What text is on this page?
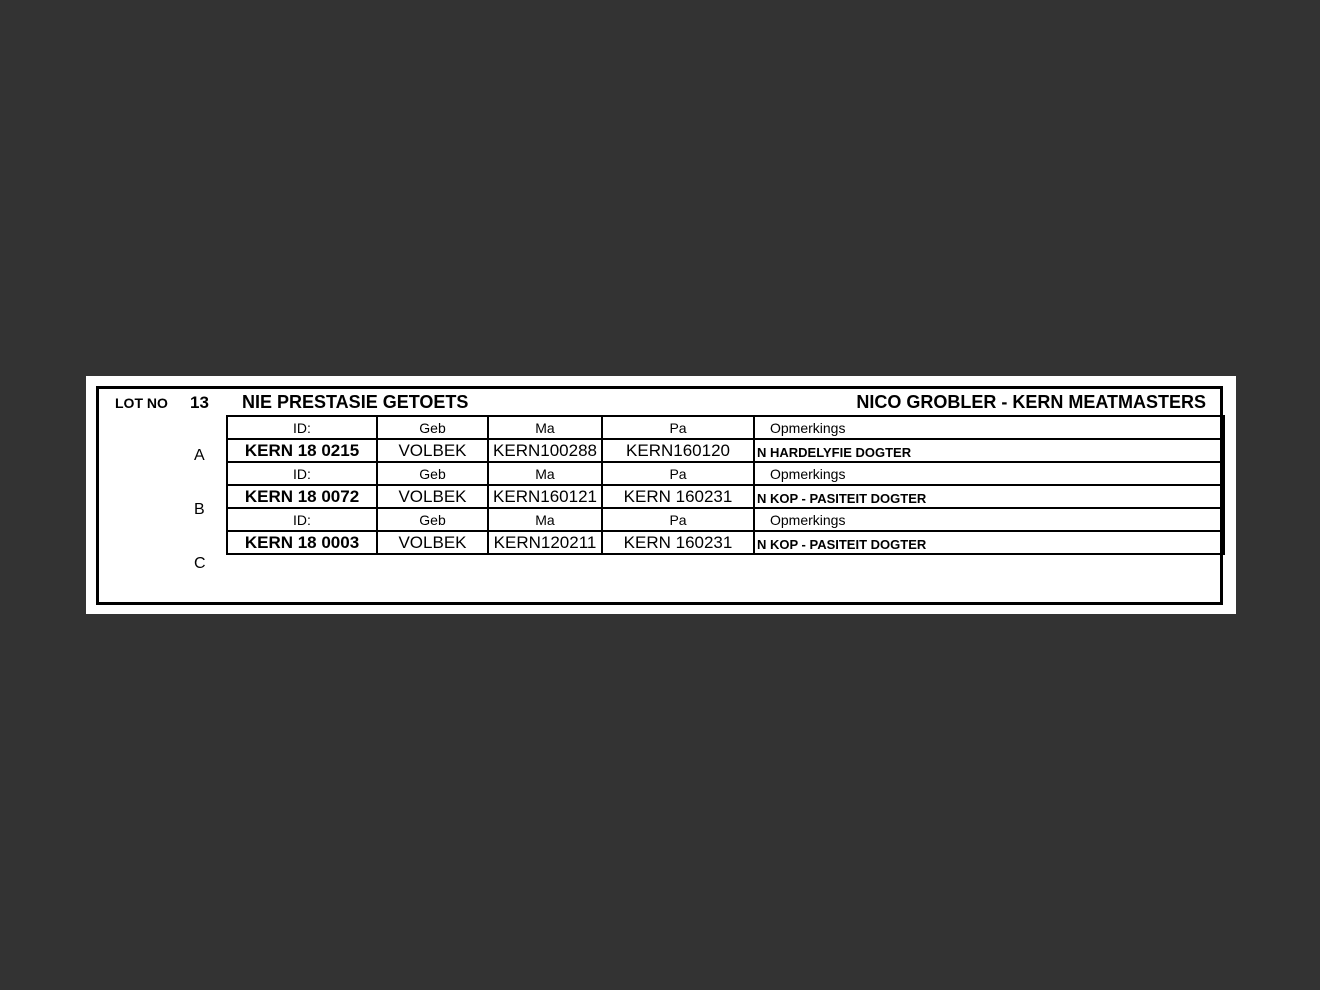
LOT NO 13 NIE PRESTASIE GETOETS	NICO GROBLER - KERN MEATMASTERS
A
B
C
ID:	Geb	Ma	Pa	Opmerkings
KERN 18 0215	VOLBEK	KERN100288	KERN160120	N HARDELYFIE DOGTER
ID:	Geb	Ma	Pa	Opmerkings
KERN 18 0072	VOLBEK	KERN160121	KERN 160231	N KOP - PASITEIT DOGTER
ID:	Geb	Ma	Pa	Opmerkings
KERN 18 0003	VOLBEK	KERN120211	KERN 160231	N KOP - PASITEIT DOGTER
